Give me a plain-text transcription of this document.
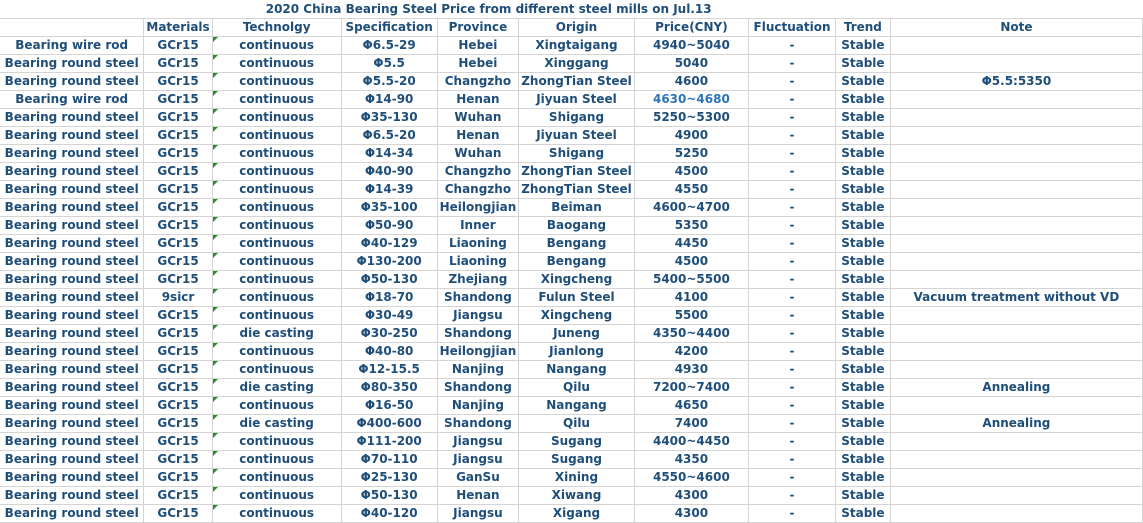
	2020 China Bearing Steel Price from different steel mills on Jul.13								
	Materials	Technolgy	Specification	Province	Origin	Price(CNY)	Fluctuation	Trend	Note
Bearing wire rod	GCr15	continuous	Φ6.5-29	Hebei	Xingtaigang	4940~5040	-	Stable	
Bearing round steel	GCr15	continuous	Φ5.5	Hebei	Xinggang	5040	-	Stable	
Bearing round steel	GCr15	continuous	Φ5.5-20	Changzho	ZhongTian Steel	4600	-	Stable	Φ5.5:5350
Bearing wire rod	GCr15	continuous	Φ14-90	Henan	Jiyuan Steel	4630~4680	-	Stable	
Bearing round steel	GCr15	continuous	Φ35-130	Wuhan	Shigang	5250~5300	-	Stable	
Bearing round steel	GCr15	continuous	Φ6.5-20	Henan	Jiyuan Steel	4900	-	Stable	
Bearing round steel	GCr15	continuous	Φ14-34	Wuhan	Shigang	5250	-	Stable	
Bearing round steel	GCr15	continuous	Φ40-90	Changzho	ZhongTian Steel	4500	-	Stable	
Bearing round steel	GCr15	continuous	Φ14-39	Changzho	ZhongTian Steel	4550	-	Stable	
Bearing round steel	GCr15	continuous	Φ35-100	Heilongjian	Beiman	4600~4700	-	Stable	
Bearing round steel	GCr15	continuous	Φ50-90	Inner	Baogang	5350	-	Stable	
Bearing round steel	GCr15	continuous	Φ40-129	Liaoning	Bengang	4450	-	Stable	
Bearing round steel	GCr15	continuous	Φ130-200	Liaoning	Bengang	4500	-	Stable	
Bearing round steel	GCr15	continuous	Φ50-130	Zhejiang	Xingcheng	5400~5500	-	Stable	
Bearing round steel	9sicr	continuous	Φ18-70	Shandong	Fulun Steel	4100	-	Stable	Vacuum treatment without VD
Bearing round steel	GCr15	continuous	Φ30-49	Jiangsu	Xingcheng	5500	-	Stable	
Bearing round steel	GCr15	die casting	Φ30-250	Shandong	Juneng	4350~4400	-	Stable	
Bearing round steel	GCr15	continuous	Φ40-80	Heilongjian	Jianlong	4200	-	Stable	
Bearing round steel	GCr15	continuous	Φ12-15.5	Nanjing	Nangang	4930	-	Stable	
Bearing round steel	GCr15	die casting	Φ80-350	Shandong	Qilu	7200~7400	-	Stable	Annealing
Bearing round steel	GCr15	continuous	Φ16-50	Nanjing	Nangang	4650	-	Stable	
Bearing round steel	GCr15	die casting	Φ400-600	Shandong	Qilu	7400	-	Stable	Annealing
Bearing round steel	GCr15	continuous	Φ111-200	Jiangsu	Sugang	4400~4450	-	Stable	
Bearing round steel	GCr15	continuous	Φ70-110	Jiangsu	Sugang	4350	-	Stable	
Bearing round steel	GCr15	continuous	Φ25-130	GanSu	Xining	4550~4600	-	Stable	
Bearing round steel	GCr15	continuous	Φ50-130	Henan	Xiwang	4300	-	Stable	
Bearing round steel	GCr15	continuous	Φ40-120	Jiangsu	Xigang	4300	-	Stable	
